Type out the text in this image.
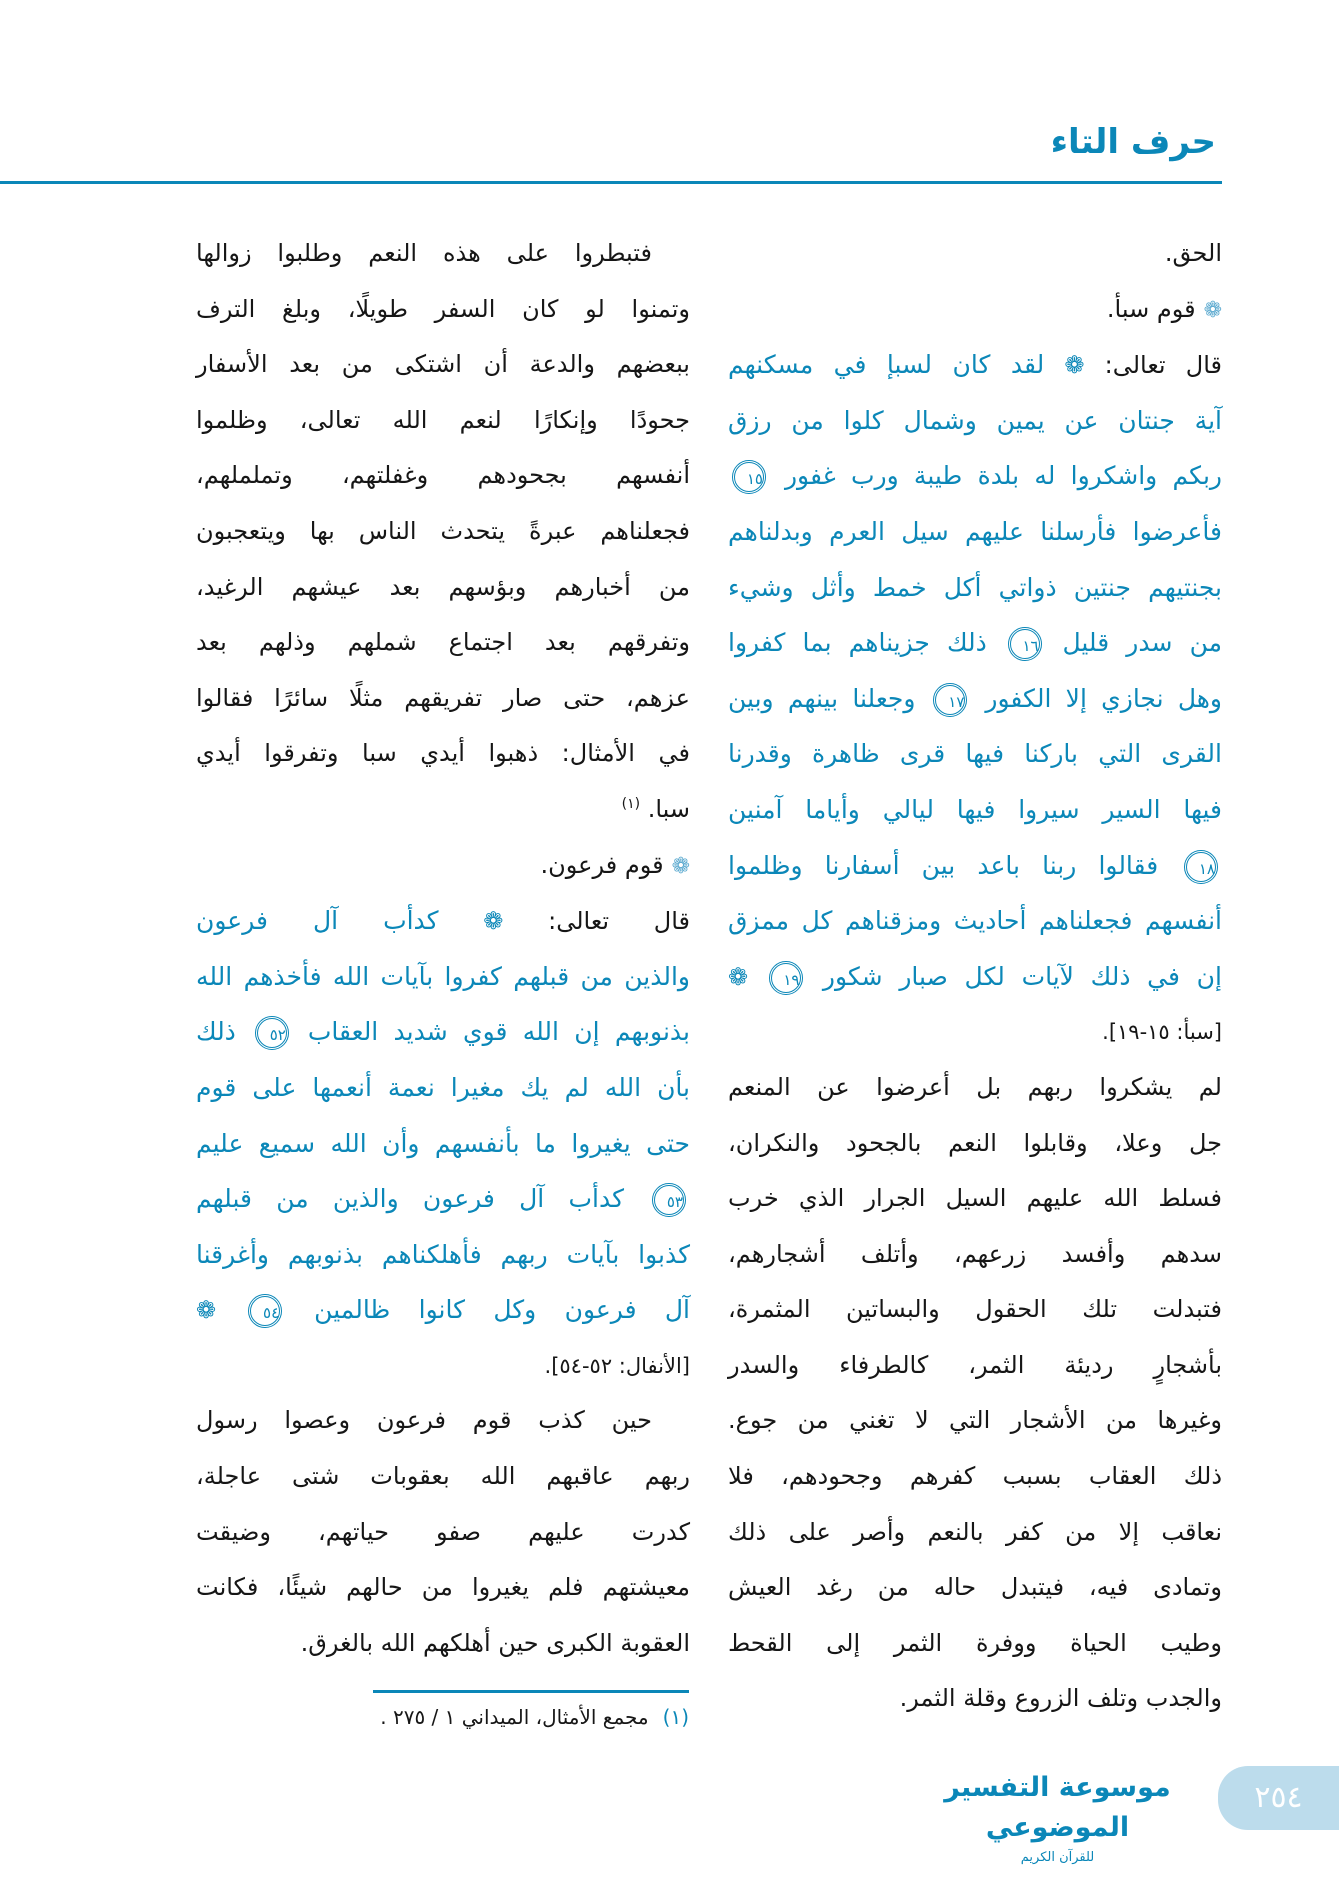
حرف التاء
الحق.
❁قوم سبأ.
قال تعالى: ❁ لقد كان لسبإ في مسكنهم
آية جنتان عن يمين وشمال كلوا من رزق
ربكم واشكروا له بلدة طيبة ورب غفور ١٥
فأعرضوا فأرسلنا عليهم سيل العرم وبدلناهم
بجنتيهم جنتين ذواتي أكل خمط وأثل وشيء
من سدر قليل ١٦ ذلك جزيناهم بما كفروا
وهل نجازي إلا الكفور ١٧ وجعلنا بينهم وبين
القرى التي باركنا فيها قرى ظاهرة وقدرنا
فيها السير سيروا فيها ليالي وأياما آمنين
١٨ فقالوا ربنا باعد بين أسفارنا وظلموا
أنفسهم فجعلناهم أحاديث ومزقناهم كل ممزق
إن في ذلك لآيات لكل صبار شكور ١٩ ❁
[سبأ: ١٥-١٩].
لم يشكروا ربهم بل أعرضوا عن المنعم
جل وعلا، وقابلوا النعم بالجحود والنكران،
فسلط الله عليهم السيل الجرار الذي خرب
سدهم وأفسد زرعهم، وأتلف أشجارهم،
فتبدلت تلك الحقول والبساتين المثمرة،
بأشجارٍ رديئة الثمر، كالطرفاء والسدر
وغيرها من الأشجار التي لا تغني من جوع.
ذلك العقاب بسبب كفرهم وجحودهم، فلا
نعاقب إلا من كفر بالنعم وأصر على ذلك
وتمادى فيه، فيتبدل حاله من رغد العيش
وطيب الحياة ووفرة الثمر إلى القحط
والجدب وتلف الزروع وقلة الثمر.
فتبطروا على هذه النعم وطلبوا زوالها
وتمنوا لو كان السفر طويلًا، وبلغ الترف
ببعضهم والدعة أن اشتكى من بعد الأسفار
جحودًا وإنكارًا لنعم الله تعالى، وظلموا
أنفسهم بجحودهم وغفلتهم، وتململهم،
فجعلناهم عبرةً يتحدث الناس بها ويتعجبون
من أخبارهم وبؤسهم بعد عيشهم الرغيد،
وتفرقهم بعد اجتماع شملهم وذلهم بعد
عزهم، حتى صار تفريقهم مثلًا سائرًا فقالوا
في الأمثال: ذهبوا أيدي سبا وتفرقوا أيدي
سبا. $^{(١)}$
❁قوم فرعون.
قال تعالى: ❁ كدأب آل فرعون
والذين من قبلهم كفروا بآيات الله فأخذهم الله
بذنوبهم إن الله قوي شديد العقاب ٥٢ ذلك
بأن الله لم يك مغيرا نعمة أنعمها على قوم
حتى يغيروا ما بأنفسهم وأن الله سميع عليم
٥٣ كدأب آل فرعون والذين من قبلهم
كذبوا بآيات ربهم فأهلكناهم بذنوبهم وأغرقنا
آل فرعون وكل كانوا ظالمين ٥٤ ❁
[الأنفال: ٥٢-٥٤].
حين كذب قوم فرعون وعصوا رسول
ربهم عاقبهم الله بعقوبات شتى عاجلة،
كدرت عليهم صفو حياتهم، وضيقت
معيشتهم فلم يغيروا من حالهم شيئًا، فكانت
العقوبة الكبرى حين أهلكهم الله بالغرق.
(١)مجمع الأمثال، الميداني ١ / ٢٧٥ .
موسوعة التفسير الموضوعي
للقرآن الكريم
٢٥٤
